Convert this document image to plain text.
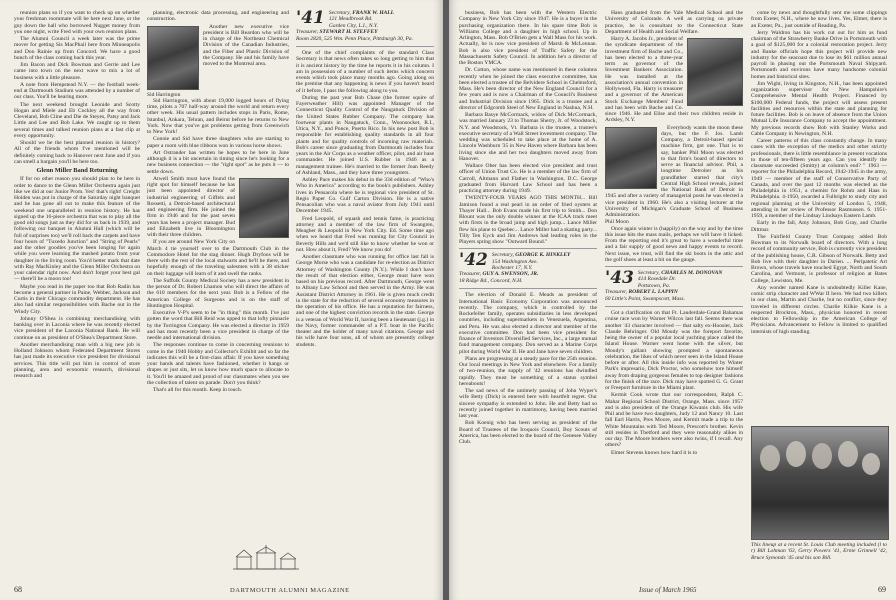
reunion plans so if you want to check up on whether your freshman roommate will be here next June, or the guy down the hall who borrowed Nugget money from you one night, write Fred with your own reunion plans.

The Alumni Council a week later was the prime mover for getting Sis MacPhail here from Minneapolis and Don Rainie up from Concord. We have a good bunch of the class coming back this year.

Jim Bacon and Dick Bowman and Gerrie and Lee came into town on the next wave to mix a lot of business with a little pleasure.

A note from Hempstead N.Y. — the football week-end at Dartmouth Stadium was attended by a number of our class. You'll be hearing more.

The next weekend brought Leonide and Scotty Hogan and Miele and Eb Cockley all the way from Cleveland, Bob Cline and Die de Steyes, Patsy and Jack Little and Lee and Bob Lake. We caught up to them several times and talked reunion plans at a fast clip at every opportunity.

Should we be the best planned reunion in history? All of the friends whom I've mentioned will be definitely coming back to Hanover next June and if you can smell a bargain you'll be here too.

Glenn Miller Band Returning

If for no other reason you should plan to be here in order to dance to the Glenn Miller Orchestra again just like we did at our Junior Prom. Yes! that's right! Creight Holden was put in charge of the Saturday night banquet and he has gone all out to make this feature of the weekend one unparalleled in reunion history. He has signed up the 16-piece orchestra that was to play all the good old songs just as they did for us back in 1939, and following our banquet in Alumni Hall (which will be full of surprises too) we'll roll back the carpets and have four hours of "Tuxedo Junction" and "String of Pearls" and the other goodies you've been longing for again while you were learning the mashed potato from your daughter in the living room. You'd better mark that date with Ray MacKinley and the Glenn Miller Orchestra on your calendar right now. And don't forget your best gal — there'll be a moon too!

Maybe you read in the paper too that Bob Radin has become a general partner in Paine, Webber, Jackson and Curtis in their Chicago commodity department. He has also had similar responsibilities with Bache out in the Windy City.

Johnny O'Shea is combining merchandising with banking over in Laconia where he was recently elected vice president of the Laconia National Bank. He will continue on as president of O'Shea's Department Store.

Another merchandising man with a big new job is Holland Johnson whom Federated Department Stores has just made its executive vice president for divisional services. This title will put him in control of store planning, area and economic research, divisional research and

planning, electronic data processing, and engineering and construction.

Another new executive vice president is Bill Reardon who will be in charge of the Northeast Chemical Division of the Canadian Industries, and the Fiber and Plastic Division of the Company. He and his family have moved to the Montreal area.

Sid Harrington

Sid Harrington, with about 19,000 logged hours of flying time, pilots a 707 half-way around the world and return every other week. His usual pattern includes stops in Paris, Rome, Istanbul, Ankara, Tehran, and Beirut before he returns to New York. Now that you've got problems getting from Greenwich to New York!

Connie and Sid have three daughters who are starting to paper a room with blue ribbons won in various horse shows.

Art Ostrander has written he hopes to be here in June although it is a bit uncertain in timing since he's looking for a new business connection — the "right spot" as he puts it — to settle down.

Atwell Smith must have found the right spot for himself because he has just been appointed director of industrial engineering of Giffels and Rossetti, a Detroit-based architectural and engineering firm. He joined the firm in 1946 and for the past seven years has been a project manager. Bud and Elizabeth live in Bloomington with their three children.

If you are around New York City on March 4 tie yourself over to the Dartmouth Club in the Commodore Hotel for the stag dinner. Hugh Dryfoos will be there with the rest of the local stalwarts and he'll be there, and hopefully enough of the traveling salesmen with a 38 sticker on their luggage will learn of it and swell the ranks.

The Suffolk County Medical Society has a new president in the person of Dr. Robert Lhamon who will direct the affairs of the 610 members for the next year. Bob is a Fellow of the American College of Surgeons and is on the staff of Huntington Hospital.

Executive V-P's seem to be "in thing" this month. I've just gotten the word that Bill Reid was upped to that lofty pinnacle by the Torrington Company. He was elected a director in 1959 and has most recently been a vice president in charge of the needle and international division.

The responses continue to come in concerning reunions to come in the 1940 Hobby and Collector's Exhibit and so far the indicates this will be a first-class affair. If you have something your hands and talents have fashioned, whether it hangs or drapes or just sits, let us know how much space to allocate to it. You'll be amazed and proud of our classmates when you see the collection of talent on parade. Don't you think?

That's all for this month. Keep in touch.

'41 Secretary, FRANK W. HALL
121 Meadbrook Rd.
Garden City, L.I., N.Y.
Treasurer, STEWART H. STEFFEY
Room 2820, 525 Wm. Penn Place, Pittsburgh 30, Pa.

One of the chief complaints of the standard Class Secretary is that news often takes so long getting to him that it is ancient history by the time he reports it in his column. I am in possession of a number of such items which concern events which took place many months ago. Going along on the premise that any happening is news if you haven't heard of it before, I pass the following along to you.

During the past year Bob Chase (the former squire of Fayerweather Hill) was appointed Manager of the Connecticut Quality Control of the Naugatuck Division of the United States Rubber Company. The company has footwear plants in Naugatuck, Conn., Woonsocket, R.I., Utica, N.Y., and Ponce, Puerto Rico. In his new post Bob is responsible for establishing quality standards in all four plants and for quality controls of incoming raw materials. Bob's career since graduating from Dartmouth includes four years in the Air Corps as a weather officer, pilot, and air base commander. He joined U.S. Rubber in 1946 as a management trainee. He's married to the former Joan Reedy of Ashland, Mass., and they have three youngsters.

Ashley Pace makes his debut in the 33d edition of "Who's Who in America" according to the book's publishers. Ashley lives in Pensacola where he is regional vice president of St. Regis Paper Co. Gulf Carton Division. He is a native Pensacolian who was a naval aviator from July 1941 until December 1945.

Fred Leopold, of squash and tennis fame, is practicing attorney and a member of the law firm of Swangren, Meagher & Leopold in New York City. Ed. Some time ago when we heard that Fred was running for City Council in Beverly Hills and we'd still like to know whether he won or not. How about it, Fred? We know you do!

Another classmate who was running for office last fall is George Morse who was a candidate for re-election as District Attorney of Washington County (N.Y.). While I don't have the result of that election either, George must have won based on his previous record. After Dartmouth, George went to Albany Law School and then served in the Army. He was Assistant District Attorney in 1961. He is given much credit in the state for the reduction of several economy measures in the operation of his office. He has a reputation for fairness, and one of the highest conviction records in the state. George is a veteran of World War II, having been a lieutenant (j.g.) in the Navy, former commander of a P.T. boat in the Pacific theater and the holder of many naval citations. George and his wife have four sons, all of whom are presently college students.

68	DARTMOUTH ALUMNI MAGAZINE

business, Bob has been with the Western Electric Company in New York City since 1947. He is a buyer in the purchasing organization there. In his spare time Bob is Williams College and a daughter in high school. Up in Arlington, Mass. Bob O'Brien gets a Wall Mass for his work. Actually, he is now vice president of Marsh & McLennan. Bob is also vice president of Traffic Safety for the Massachusetts Safety Council. In addition he's a director of the Boston YMCA.

Dr. Cotton, whose name was mentioned in these columns recently when he joined the class executive committee, has been elected a trustee of the Belvidere School in Chelmsford, Mass. He's been director of the New England Council for a few years and is now a Chairman of the Council's Business and Industrial Division since 1965. Dick is a trustee and a director of Edgcomb Steel of New England in Nashua, N.H.

Barbara Basye McCormack, widow of Dick McCormack, was married January 23 to Thomas Sherry, Jr. of Woodstock, N.Y. and Woodstock, Vt. Barbara is the trustee, a trustee's executive secretary of a Wall Street investment company. The wedding was scheduled to take place at the home of A. Lincoln Washburn '35 in New Haven where Barbara has been living since she and her two daughters moved away from Hanover.

Wallace Ober has been elected vice president and trust officer of Union Trust Co. He is a member of the law firm of Carroll, Altmann and Flather in Washington, D.C. George graduated from Harvard Law School and has been a practicing attorney during 1949.

TWENTY-FOUR YEARS AGO THIS MONTH... Bill Jamison found a real pearl in an order of fried oysters at Thayer Hall... Bob Evans made his first trip to Smith... Don Blount was the only double winner at the ICAA track meet with firsts in the broad jump and high jump... Lance Miller flew his plane to Quebec... Lance Miller had a skating party... Tilly Ten Eyck and Jim Andrews had leading roles in the Players spring show "Outward Bound."

'42 Secretary, GEORGE K. HINKLEY
154 Washington Ave.
Rochester 17, N.Y.
Treasurer, GUY A. SWENSON, JR.
18 Ridge Rd., Concord, N.H.

The election of Donald E. Meads as president of International Basic Economy Corporation was announced recently. The company, which is controlled by the Rockefeller family, operates subsidiaries in less developed countries, including supermarkets in Venezuela, Argentina, and Peru. He was also elected a director and member of the executive committee. Don had been vice president for finance of Investors Diversified Services, Inc., a large mutual fund management company. Don served as a Marine Corps pilot during World War II. He and Jane have seven children.

Plans are progressing at a steady pace for the 25th reunion. Our local meetings in New York and elsewhere. For a family of two-reunion, the supply of '42 reunions has dwindled rapidly. They must be something of a status symbol hereabouts!

The sad news of the untimely passing of John Wyper's wife Betty (Dick) is entered here with heartfelt regret. Our sincere sympathy is extended to John. He and Betty had so recently joined together in matrimony, having been married last year.

Bob Koenig who has been serving as president of the Board of Trustees of the Iroquois Council, Boy Scouts of America, has been elected to the board of the Genesee Valley Club.

Hans graduated from the Yale Medical School and the University of Colorado. A well as carrying on private practice, he is consultant to the Connecticut State Department of Health and Social Welfare.

Harry A. Jacobs Jr., president of the syndicate department of the investment firm of Bache and Co., has been elected to a three-year term as governor of the Investment Bankers Association. He was installed at the association's annual convention in Hollywood, Fla. Harry is treasurer and a governor of the American Stock Exchange Members' Fund and has been with Bache and Co. since 1946. He and Elise and their two children reside in Ardsley, N.Y.

Everybody wants the moon these days, but the F. Jos. Lamb Company, a Detroit-based special machine firm, got one. That is to say, banker Phil Moon was elected to that firm's board of directors to serve as financial advisor. Phil, a longtime Detroiter as his grandfather started that city's Central High School reveals, joined the National Bank of Detroit in 1945 and after a variety of managerial posts he was elected a vice president in 1960. He's also a visiting lecturer at the University of Michigan's Graduate School of Business Administration.

Phil Moon

Once again winter is (happily) on the way and by the time this issue hits the mass mails, perhaps we will have it licked. From the reporting end it's great to have a wonderful time and a fair supply of good news and happy events to record. Next issue, we trust, will find the ski boots in the attic and the golf shoes at least a bit on the gauge.

'43 Secretary, CHARLES M. DONOVAN
414 Rosedale Dr.
Pottstown, Pa.
Treasurer, ROBERT L. LAPPIN
60 Little's Point, Swampscott, Mass.

Got a clarification on that Ft. Lauderdale-Grand Bahamas cruise race won by Warner Wilcox last fall. Seems there was another '43 character involved — that salty ex-Hoosier, Jack Claude Behringer. Old Moudy was the foreport favorite, being the owner of a popular local yachting place called the Island House. Warner went home with the silver, but Moudy's gallant showing prompted a spontaneous celebration, the likes of which never seen in the Island House before or after. All this inside info was reported by Winter Park's impresario, Dick Proctor, who somehow tore himself away from draping gorgeous females to top designer fashions for the finish of the race. Dick may have spotted G. G. Grant or Freeport furniture in the Miami plant.

Kermit Cook wrote that our correspondent, Ralph C. Mahar Regional School District, Orange, Mass. since 1957 and is also president of the Orange Kiwanis club. His wife Phil and he have two daughters, Judy 12 and Nancy 10. Last fall Earl Harris, Pres Moore, and Kermit made a trip to the White Mountains with Ted Moore, Prescott's brother. Kevin still resides in Thetford and they were reasonably alikes in our day. The Moore brothers were also twins, if I recall. Any others?

Elmer Stevens knows how hard it is to

come by news and thoughtfully sent me some clippings from Exeter, N.H., where he now lives. Yes, Elmer, there is an Exeter, Pa., just outside of Reading, Pa.

Jerry Waldron has his work cut out for him as fund chairman of the Strawberry Banke Drive in Portsmouth with a goal of $125,000 for a colonial restoration project. Jerry and Banke officials hope this project will provide new industry for the seacoast due to lose its $61 million annual payroll in phasing out the Portsmouth Naval Shipyard. Portsmouth and environs have many handsome colonial homes and historical sites.

Jim Wight, living in Kingston, N.H., has been appointed organization supervisor for New Hampshire's Comprehensive Mental Health Project. Financed by $100,000 Federal funds, the project will assess present facilities and resources within the state and planning for future facilities. Bob is on leave of absence from the Union Mutual Life Insurance Company to accept the appointment. My previous records show Bob with Stanley Works and Cable Company in Newington, N.H.

Career patterns of this class constantly change. In many cases with the exception of the medics and other strictly professionals, there is little resemblance in present vocations to those of ten-fifteen years ago. Can you identify the classmate succeeded (Smitty) at column's end? " 1963 — reporter for the Philadelphia Record, 1942-1945 in the army, 1949 — member of the staff of Conservative Party of Canada, and over the past 12 months was elected as the Philadelphia in 1951, a chemist for Rohm and Haas in Philadelphia. 4-1950, awarded a Fulbright to study city and regional planning at the University of London 5, 1948, attending in her review of Professor Rasmussen. 6. 1951-1959, a member of the Lindsay Lindsays Eastern Lamb.

Early in the fall, Amy Johnson, Bob Gray, and Charlie Dittmar.

The Fairfield County Trust Company added Bob Bowman to its Norwalk board of directors. With a long record of community service, Bob is currently vice president of the publishing house, C.R. Gibson of Norwalk. Betty and Bob live with their daughter in Darien. ... Peripatetic Art Brown, whose travels have touched Egypt, North and South Carolina, and Vermont, is professor of religion at Bates College, Lewiston, Me.

Any wonder named Kane is undoubtedly Killer Kane, comic strip character and WWar II hero. We had two killers in our class, Martin and Charlie, but no conflict, since they traveled in different circles. Charlie Kilkie Kane is a respected Brockton, Mass., physician honored in recent election to Fellowship in the American College of Physicians. Advancement to Fellow is limited to qualified internists of high standing.

This lineup at a recent St. Louis Club meeting included (l to r) Bill Lohman '63, Gerry Powers '41, Ernie Grinnell '42, Bruce Symonds '45 and his son Bill.
Issue of March 1965	69
